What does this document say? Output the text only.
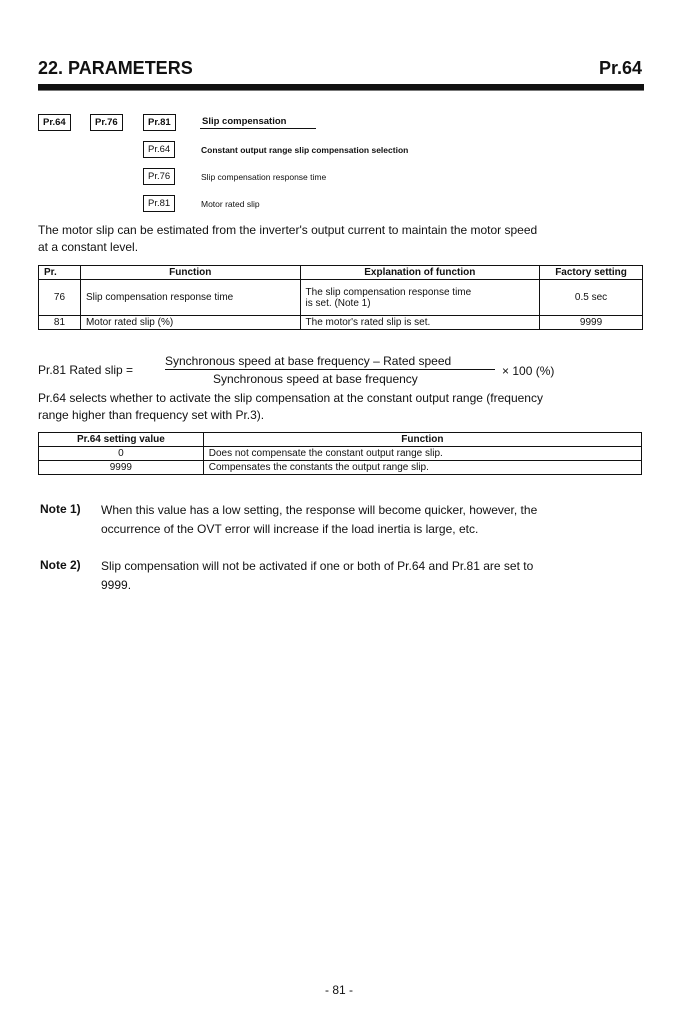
22. PARAMETERS	Pr.64
Pr.64	Pr.76	Pr.81	Slip compensation
Pr.64	Constant output range slip compensation selection
Pr.76	Slip compensation response time
Pr.81	Motor rated slip
The motor slip can be estimated from the inverter's output current to maintain the motor speed
at a constant level.
Pr.	Function	Explanation of function	Factory setting
76	Slip compensation response time	The slip compensation response time
is set. (Note 1)	0.5 sec
81	Motor rated slip (%)	The motor's rated slip is set.	9999
Pr.81 Rated slip =
Synchronous speed at base frequency – Rated speed
Synchronous speed at base frequency
× 100 (%)
Pr.64 selects whether to activate the slip compensation at the constant output range (frequency
range higher than frequency set with Pr.3).
Pr.64 setting value	Function
0	Does not compensate the constant output range slip.
9999	Compensates the constants the output range slip.
Note 1) When this value has a low setting, the response will become quicker, however, the
occurrence of the OVT error will increase if the load inertia is large, etc.
Note 2) Slip compensation will not be activated if one or both of Pr.64 and Pr.81 are set to
9999.
- 81 -
